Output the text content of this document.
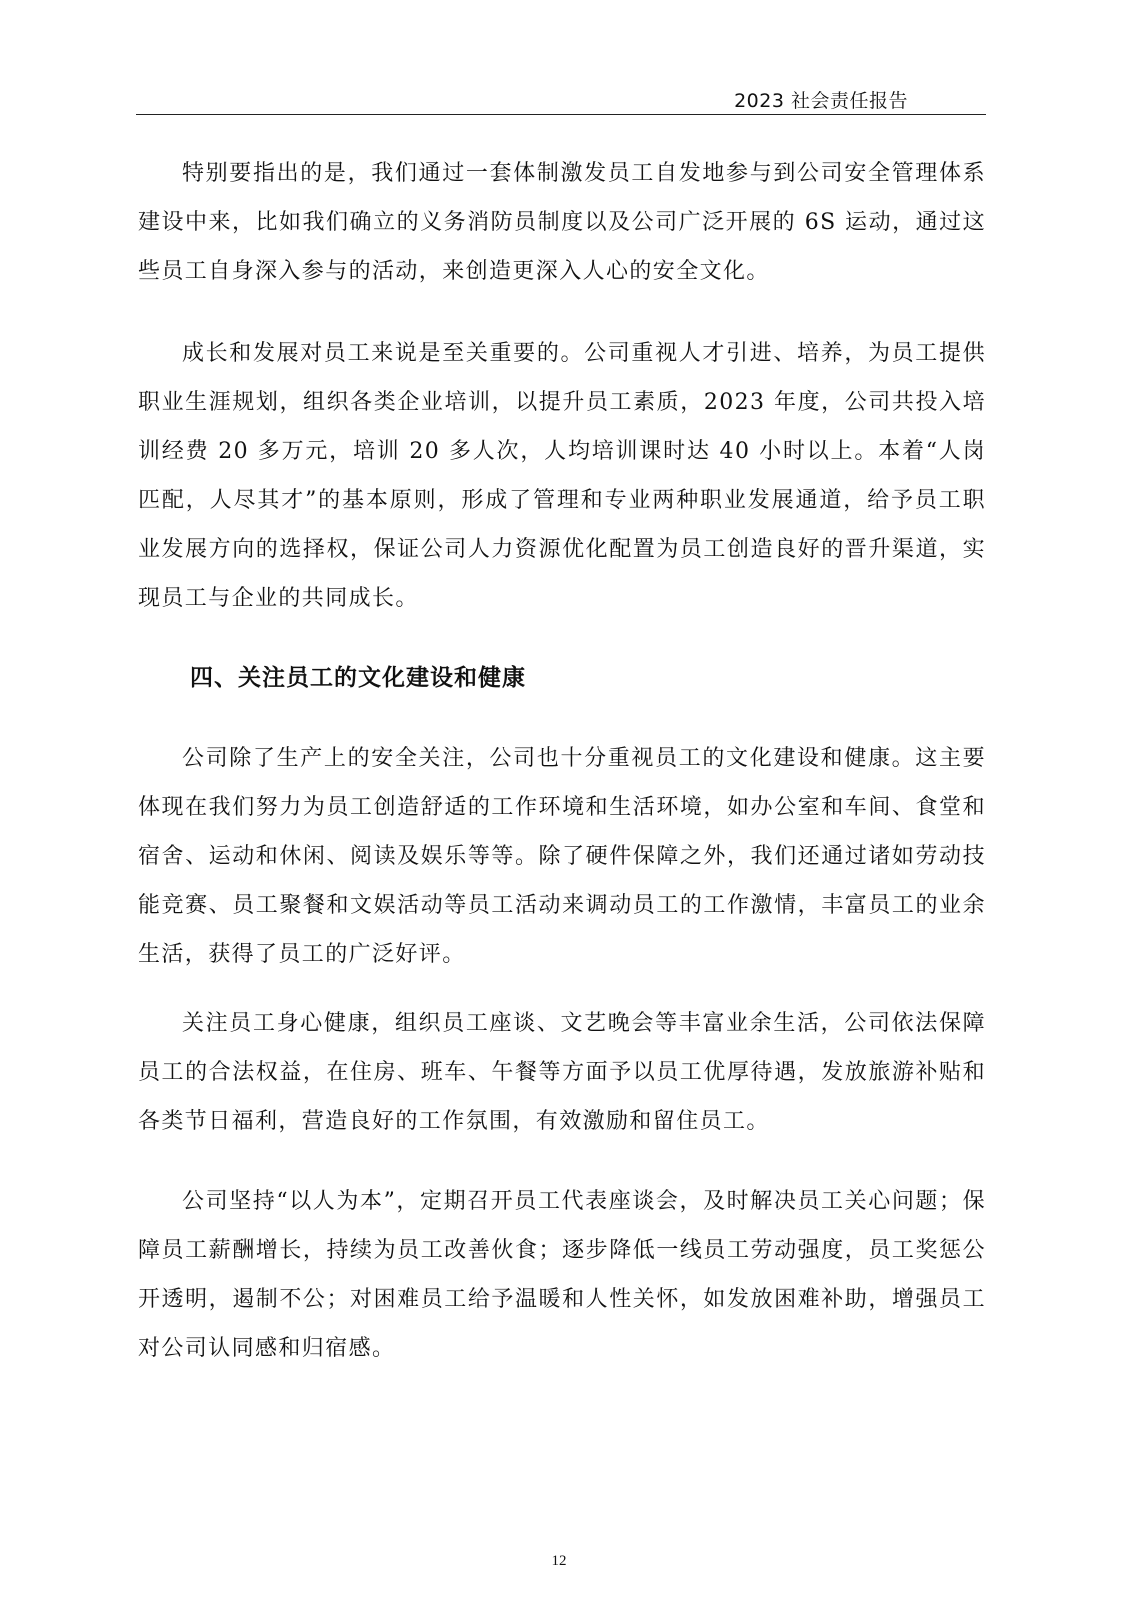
2023 社会责任报告

特别要指出的是，我们通过一套体制激发员工自发地参与到公司安全管理体系建设中来，比如我们确立的义务消防员制度以及公司广泛开展的 6S 运动，通过这些员工自身深入参与的活动，来创造更深入人心的安全文化。

成长和发展对员工来说是至关重要的。公司重视人才引进、培养，为员工提供职业生涯规划，组织各类企业培训，以提升员工素质，2023 年度，公司共投入培训经费 20 多万元，培训 20 多人次，人均培训课时达 40 小时以上。本着“人岗匹配，人尽其才”的基本原则，形成了管理和专业两种职业发展通道，给予员工职业发展方向的选择权，保证公司人力资源优化配置为员工创造良好的晋升渠道，实现员工与企业的共同成长。

四、关注员工的文化建设和健康

公司除了生产上的安全关注，公司也十分重视员工的文化建设和健康。这主要体现在我们努力为员工创造舒适的工作环境和生活环境，如办公室和车间、食堂和宿舍、运动和休闲、阅读及娱乐等等。除了硬件保障之外，我们还通过诸如劳动技能竞赛、员工聚餐和文娱活动等员工活动来调动员工的工作激情，丰富员工的业余生活，获得了员工的广泛好评。

关注员工身心健康，组织员工座谈、文艺晚会等丰富业余生活，公司依法保障员工的合法权益，在住房、班车、午餐等方面予以员工优厚待遇，发放旅游补贴和各类节日福利，营造良好的工作氛围，有效激励和留住员工。

公司坚持“以人为本”，定期召开员工代表座谈会，及时解决员工关心问题；保障员工薪酬增长，持续为员工改善伙食；逐步降低一线员工劳动强度，员工奖惩公开透明，遏制不公；对困难员工给予温暖和人性关怀，如发放困难补助，增强员工对公司认同感和归宿感。

12
